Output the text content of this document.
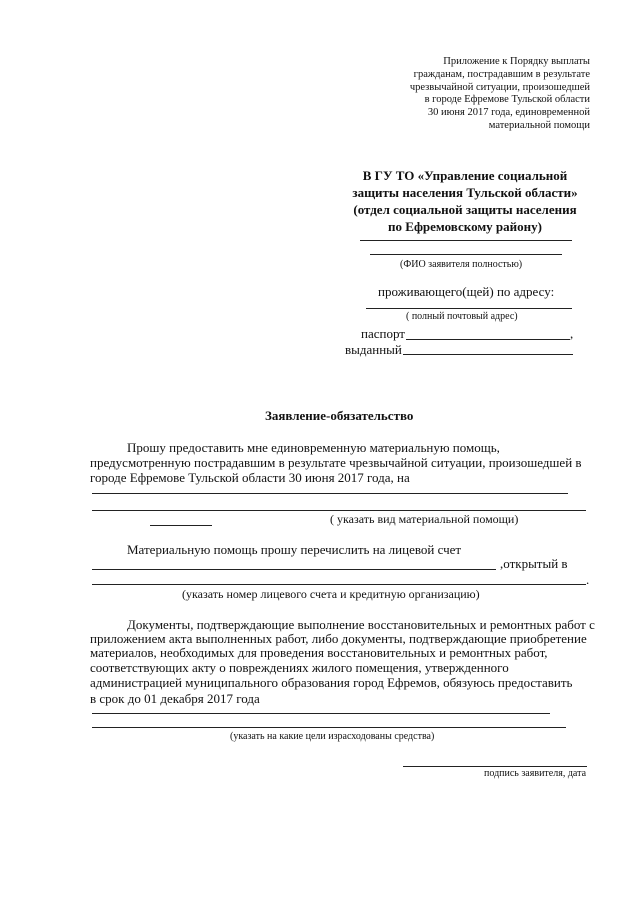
Приложение к Порядку выплаты
гражданам, пострадавшим в результате
чрезвычайной ситуации, произошедшей
в городе Ефремове Тульской области
30 июня 2017 года, единовременной
материальной помощи
В ГУ ТО «Управление социальной
защиты населения Тульской области»
(отдел социальной защиты населения
по Ефремовскому району)
(ФИО заявителя полностью)
проживающего(щей) по адресу:
( полный почтовый адрес)
паспорт	,
выданный
Заявление-обязательство
Прошу предоставить мне единовременную материальную помощь,
предусмотренную пострадавшим в результате чрезвычайной ситуации, произошедшей в
городе Ефремове Тульской области 30 июня 2017 года, на
( указать вид материальной помощи)
Материальную помощь прошу перечислить на лицевой счет
,открытый в
.
(указать номер лицевого счета и кредитную организацию)
Документы, подтверждающие выполнение восстановительных и ремонтных работ с
приложением акта выполненных работ, либо документы, подтверждающие приобретение
материалов, необходимых для проведения восстановительных и ремонтных работ,
соответствующих акту о повреждениях жилого помещения, утвержденного
администрацией муниципального образования город Ефремов, обязуюсь предоставить
в срок до 01 декабря 2017 года
(указать на какие цели израсходованы средства)
подпись заявителя, дата
